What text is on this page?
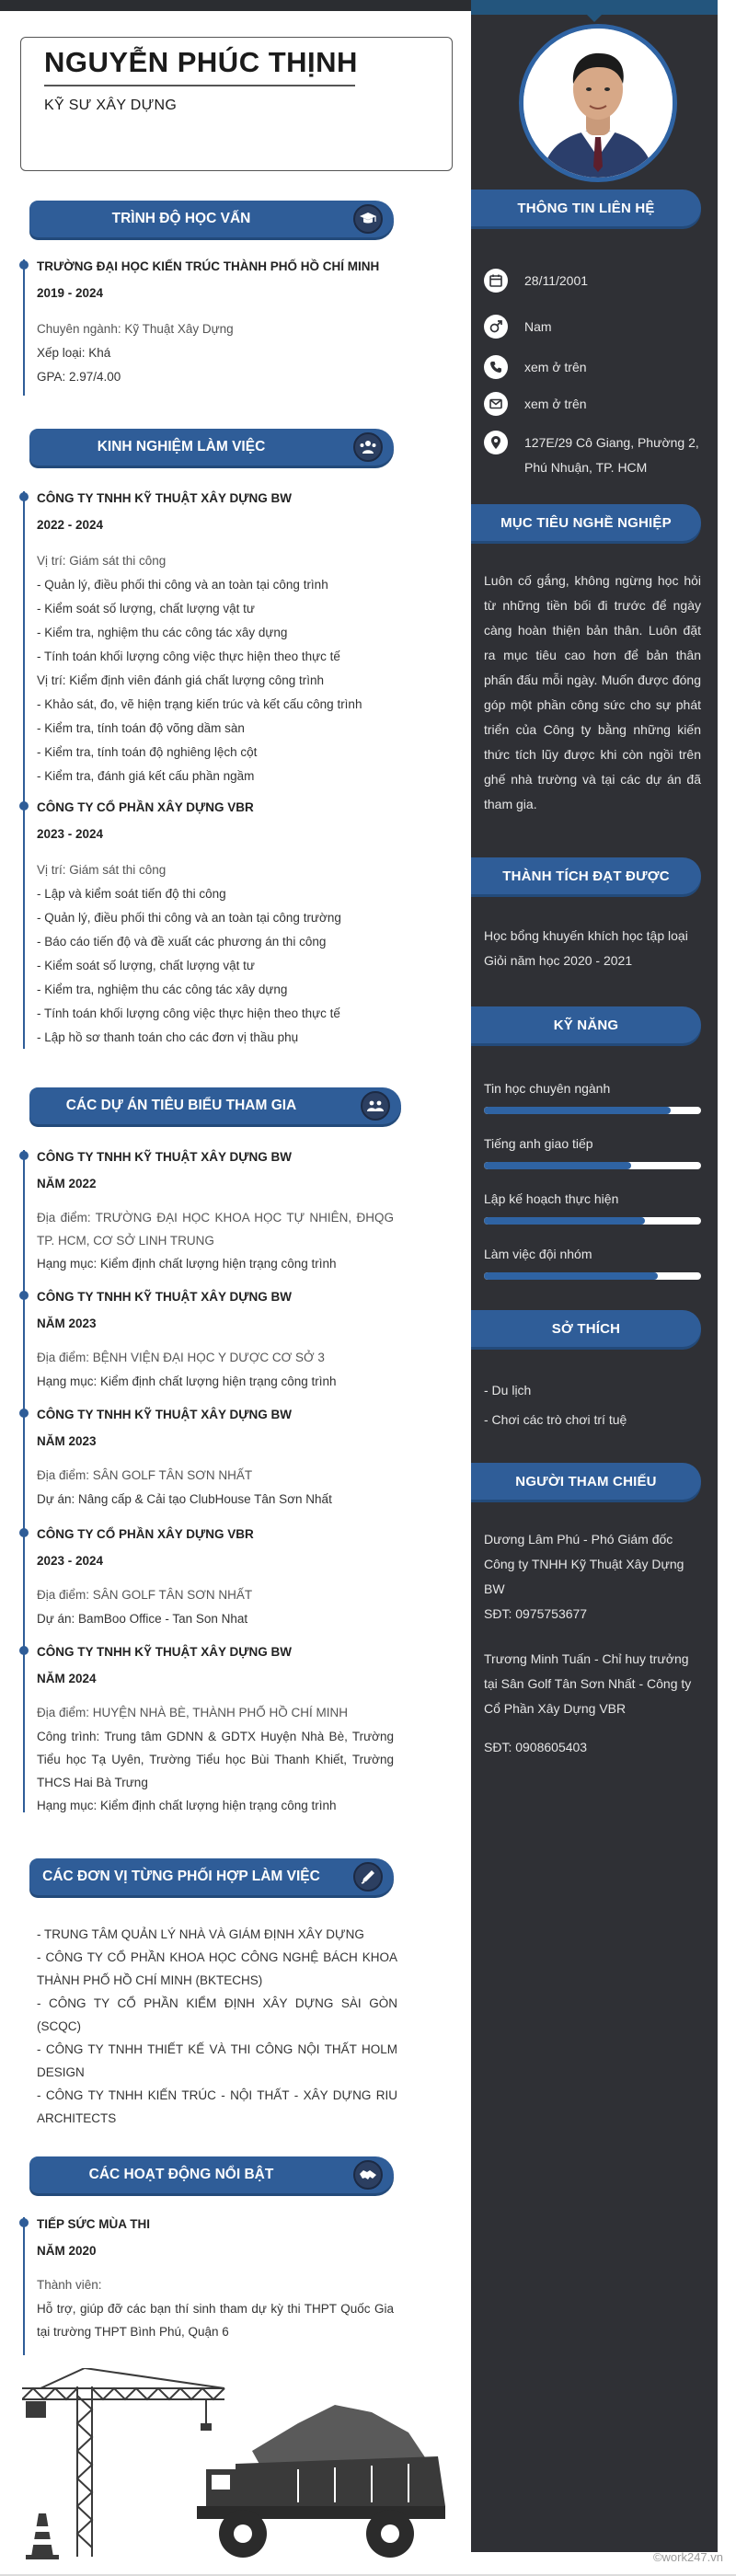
THÔNG TIN LIÊN HỆ
28/11/2001
Nam
xem ở trên
xem ở trên
127E/29 Cô Giang, Phường 2, Phú Nhuận, TP. HCM
MỤC TIÊU NGHỀ NGHIỆP
Luôn cố gắng, không ngừng học hỏi từ những tiền bối đi trước để ngày càng hoàn thiện bản thân. Luôn đặt ra mục tiêu cao hơn để bản thân phấn đấu mỗi ngày. Muốn được đóng góp một phần công sức cho sự phát triển của Công ty bằng những kiến thức tích lũy được khi còn ngồi trên ghế nhà trường và tại các dự án đã tham gia.
THÀNH TÍCH ĐẠT ĐƯỢC
Học bổng khuyến khích học tập loại Giỏi năm học 2020 - 2021
KỸ NĂNG
Tin học chuyên ngành
Tiếng anh giao tiếp
Lập kế hoạch thực hiện
Làm việc đội nhóm
SỞ THÍCH
- Du lịch
- Chơi các trò chơi trí tuệ
NGƯỜI THAM CHIẾU
Dương Lâm Phú - Phó Giám đốc Công ty TNHH Kỹ Thuật Xây Dựng BW
SĐT: 0975753677
Trương Minh Tuấn - Chỉ huy trưởng tại Sân Golf Tân Sơn Nhất - Công ty Cổ Phần Xây Dựng VBR
SĐT: 0908605403
NGUYỄN PHÚC THỊNH
KỸ SƯ XÂY DỰNG
TRÌNH ĐỘ HỌC VẤN
TRƯỜNG ĐẠI HỌC KIẾN TRÚC THÀNH PHỐ HỒ CHÍ MINH
2019 - 2024
Chuyên ngành: Kỹ Thuật Xây Dựng
Xếp loại: Khá
GPA: 2.97/4.00
KINH NGHIỆM LÀM VIỆC
CÔNG TY TNHH KỸ THUẬT XÂY DỰNG BW
2022 - 2024
Vị trí: Giám sát thi công
- Quản lý, điều phối thi công và an toàn tại công trình
- Kiểm soát số lượng, chất lượng vật tư
- Kiểm tra, nghiệm thu các công tác xây dựng
- Tính toán khối lượng công việc thực hiện theo thực tế
Vị trí: Kiểm định viên đánh giá chất lượng công trình
- Khảo sát, đo, vẽ hiện trạng kiến trúc và kết cấu công trình
- Kiểm tra, tính toán độ võng dầm sàn
- Kiểm tra, tính toán độ nghiêng lệch cột
- Kiểm tra, đánh giá kết cấu phần ngầm
CÔNG TY CỔ PHẦN XÂY DỰNG VBR
2023 - 2024
Vị trí: Giám sát thi công
- Lập và kiểm soát tiến độ thi công
- Quản lý, điều phối thi công và an toàn tại công trường
- Báo cáo tiến độ và đề xuất các phương án thi công
- Kiểm soát số lượng, chất lượng vật tư
- Kiểm tra, nghiệm thu các công tác xây dựng
- Tính toán khối lượng công việc thực hiện theo thực tế
- Lập hồ sơ thanh toán cho các đơn vị thầu phụ
CÁC DỰ ÁN TIÊU BIỂU THAM GIA
CÔNG TY TNHH KỸ THUẬT XÂY DỰNG BW
NĂM 2022
Địa điểm: TRƯỜNG ĐẠI HỌC KHOA HỌC TỰ NHIÊN, ĐHQG TP. HCM, CƠ SỞ LINH TRUNG
Hạng mục: Kiểm định chất lượng hiện trạng công trình
CÔNG TY TNHH KỸ THUẬT XÂY DỰNG BW
NĂM 2023
Địa điểm: BỆNH VIỆN ĐẠI HỌC Y DƯỢC CƠ SỞ 3
Hạng mục: Kiểm định chất lượng hiện trạng công trình
CÔNG TY TNHH KỸ THUẬT XÂY DỰNG BW
NĂM 2023
Địa điểm: SÂN GOLF TÂN SƠN NHẤT
Dự án: Nâng cấp & Cải tạo ClubHouse Tân Sơn Nhất
CÔNG TY CỔ PHẦN XÂY DỰNG VBR
2023 - 2024
Địa điểm: SÂN GOLF TÂN SƠN NHẤT
Dự án: BamBoo Office - Tan Son Nhat
CÔNG TY TNHH KỸ THUẬT XÂY DỰNG BW
NĂM 2024
Địa điểm: HUYỆN NHÀ BÈ, THÀNH PHỐ HỒ CHÍ MINH
Công trình: Trung tâm GDNN & GDTX Huyện Nhà Bè, Trường Tiểu học Tạ Uyên, Trường Tiểu học Bùi Thanh Khiết, Trường THCS Hai Bà Trưng
Hạng mục: Kiểm định chất lượng hiện trạng công trình
CÁC ĐƠN VỊ TỪNG PHỐI HỢP LÀM VIỆC
- TRUNG TÂM QUẢN LÝ NHÀ VÀ GIÁM ĐỊNH XÂY DỰNG
- CÔNG TY CỔ PHẦN KHOA HỌC CÔNG NGHỆ BÁCH KHOA THÀNH PHỐ HỒ CHÍ MINH (BKTECHS)
- CÔNG TY CỔ PHẦN KIỂM ĐỊNH XÂY DỰNG SÀI GÒN (SCQC)
- CÔNG TY TNHH THIẾT KẾ VÀ THI CÔNG NỘI THẤT HOLM DESIGN
- CÔNG TY TNHH KIẾN TRÚC - NỘI THẤT - XÂY DỰNG RIU ARCHITECTS
CÁC HOẠT ĐỘNG NỔI BẬT
TIẾP SỨC MÙA THI
NĂM 2020
Thành viên:
Hỗ trợ, giúp đỡ các bạn thí sinh tham dự kỳ thi THPT Quốc Gia tại trường THPT Bình Phú, Quận 6
©work247.vn
